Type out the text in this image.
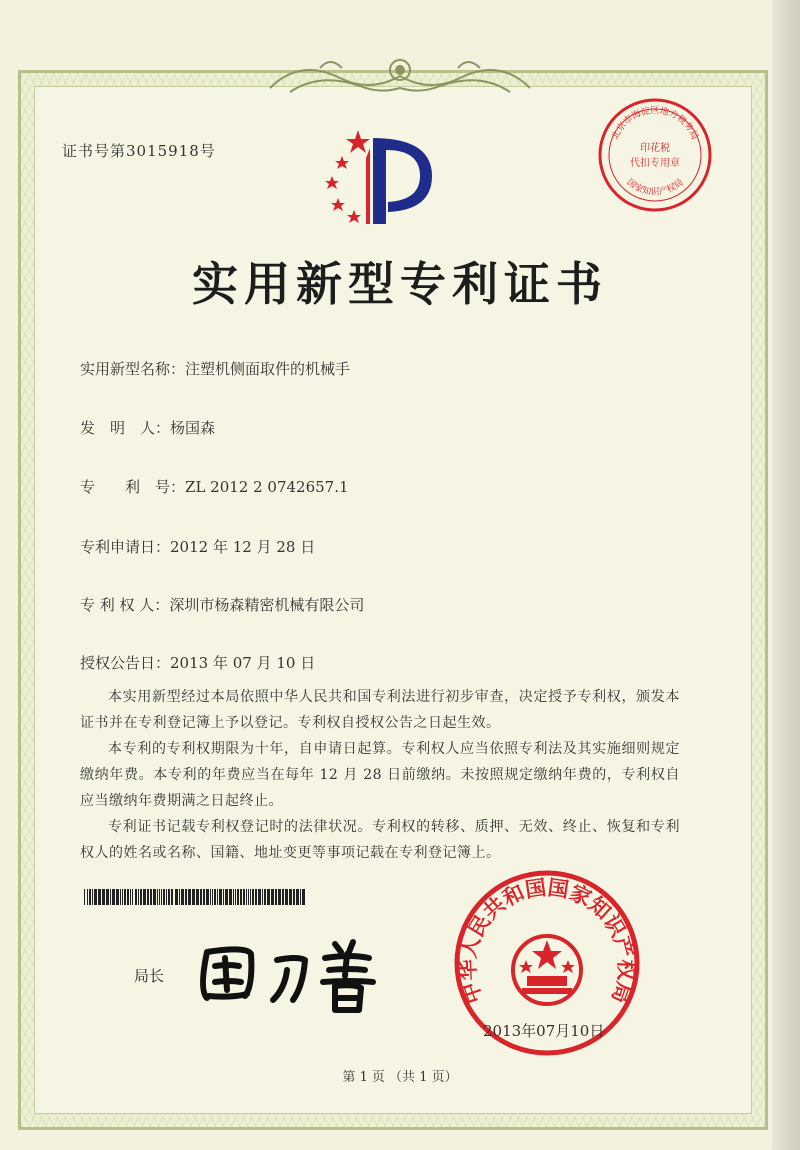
证书号第3015918号
实用新型专利证书
实用新型名称：注塑机侧面取件的机械手
发　明　人：杨国森
专　　利　号：ZL 2012 2 0742657.1
专利申请日：2012 年 12 月 28 日
专 利 权 人：深圳市杨森精密机械有限公司
授权公告日：2013 年 07 月 10 日

本实用新型经过本局依照中华人民共和国专利法进行初步审查，决定授予专利权，颁发本证书并在专利登记簿上予以登记。专利权自授权公告之日起生效。

本专利的专利权期限为十年，自申请日起算。专利权人应当依照专利法及其实施细则规定缴纳年费。本专利的年费应当在每年 12 月 28 日前缴纳。未按照规定缴纳年费的，专利权自应当缴纳年费期满之日起终止。

专利证书记载专利权登记时的法律状况。专利权的转移、质押、无效、终止、恢复和专利权人的姓名或名称、国籍、地址变更等事项记载在专利登记簿上。

局长
北京市海淀区地方税务局
印花税
代扣专用章
国家知识产权局
中华人民共和国国家知识产权局
2013年07月10日
第 1 页 （共 1 页）
